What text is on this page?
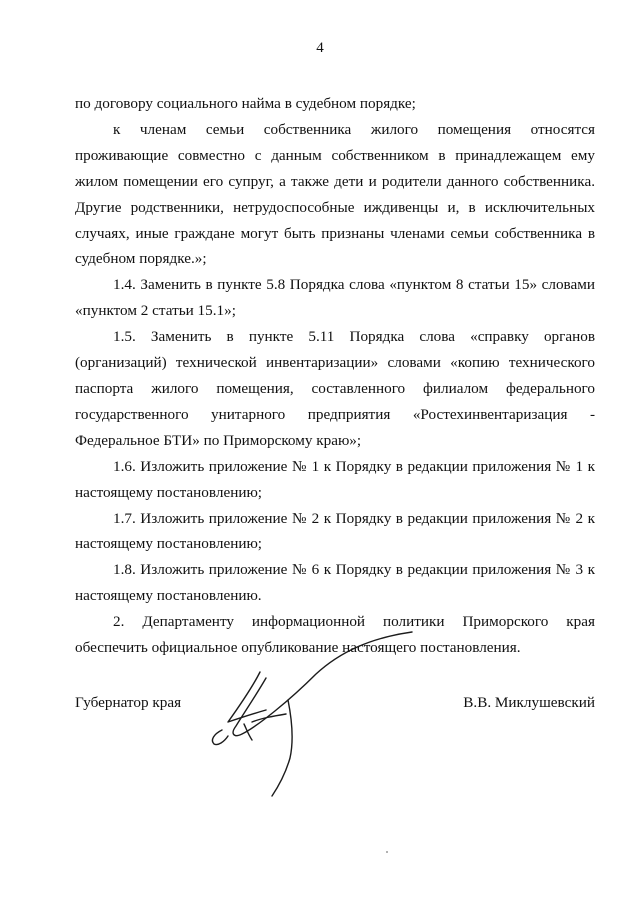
4

по договору социального найма в судебном порядке;

к членам семьи собственника жилого помещения относятся проживающие совместно с данным собственником в принадлежащем ему жилом помещении его супруг, а также дети и родители данного собственника. Другие родственники, нетрудоспособные иждивенцы и, в исключительных случаях, иные граждане могут быть признаны членами семьи собственника в судебном порядке.»;

1.4. Заменить в пункте 5.8 Порядка слова «пунктом 8 статьи 15» словами «пунктом 2 статьи 15.1»;

1.5. Заменить в пункте 5.11 Порядка слова «справку органов (организаций) технической инвентаризации» словами «копию технического паспорта жилого помещения, составленного филиалом федерального государственного унитарного предприятия «Ростехинвентаризация - Федеральное БТИ» по Приморскому краю»;

1.6. Изложить приложение № 1 к Порядку в редакции приложения № 1 к настоящему постановлению;

1.7. Изложить приложение № 2 к Порядку в редакции приложения № 2 к настоящему постановлению;

1.8. Изложить приложение № 6 к Порядку в редакции приложения № 3 к настоящему постановлению.

2. Департаменту информационной политики Приморского края обеспечить официальное опубликование настоящего постановления.

Губернатор края	В.В. Миклушевский
